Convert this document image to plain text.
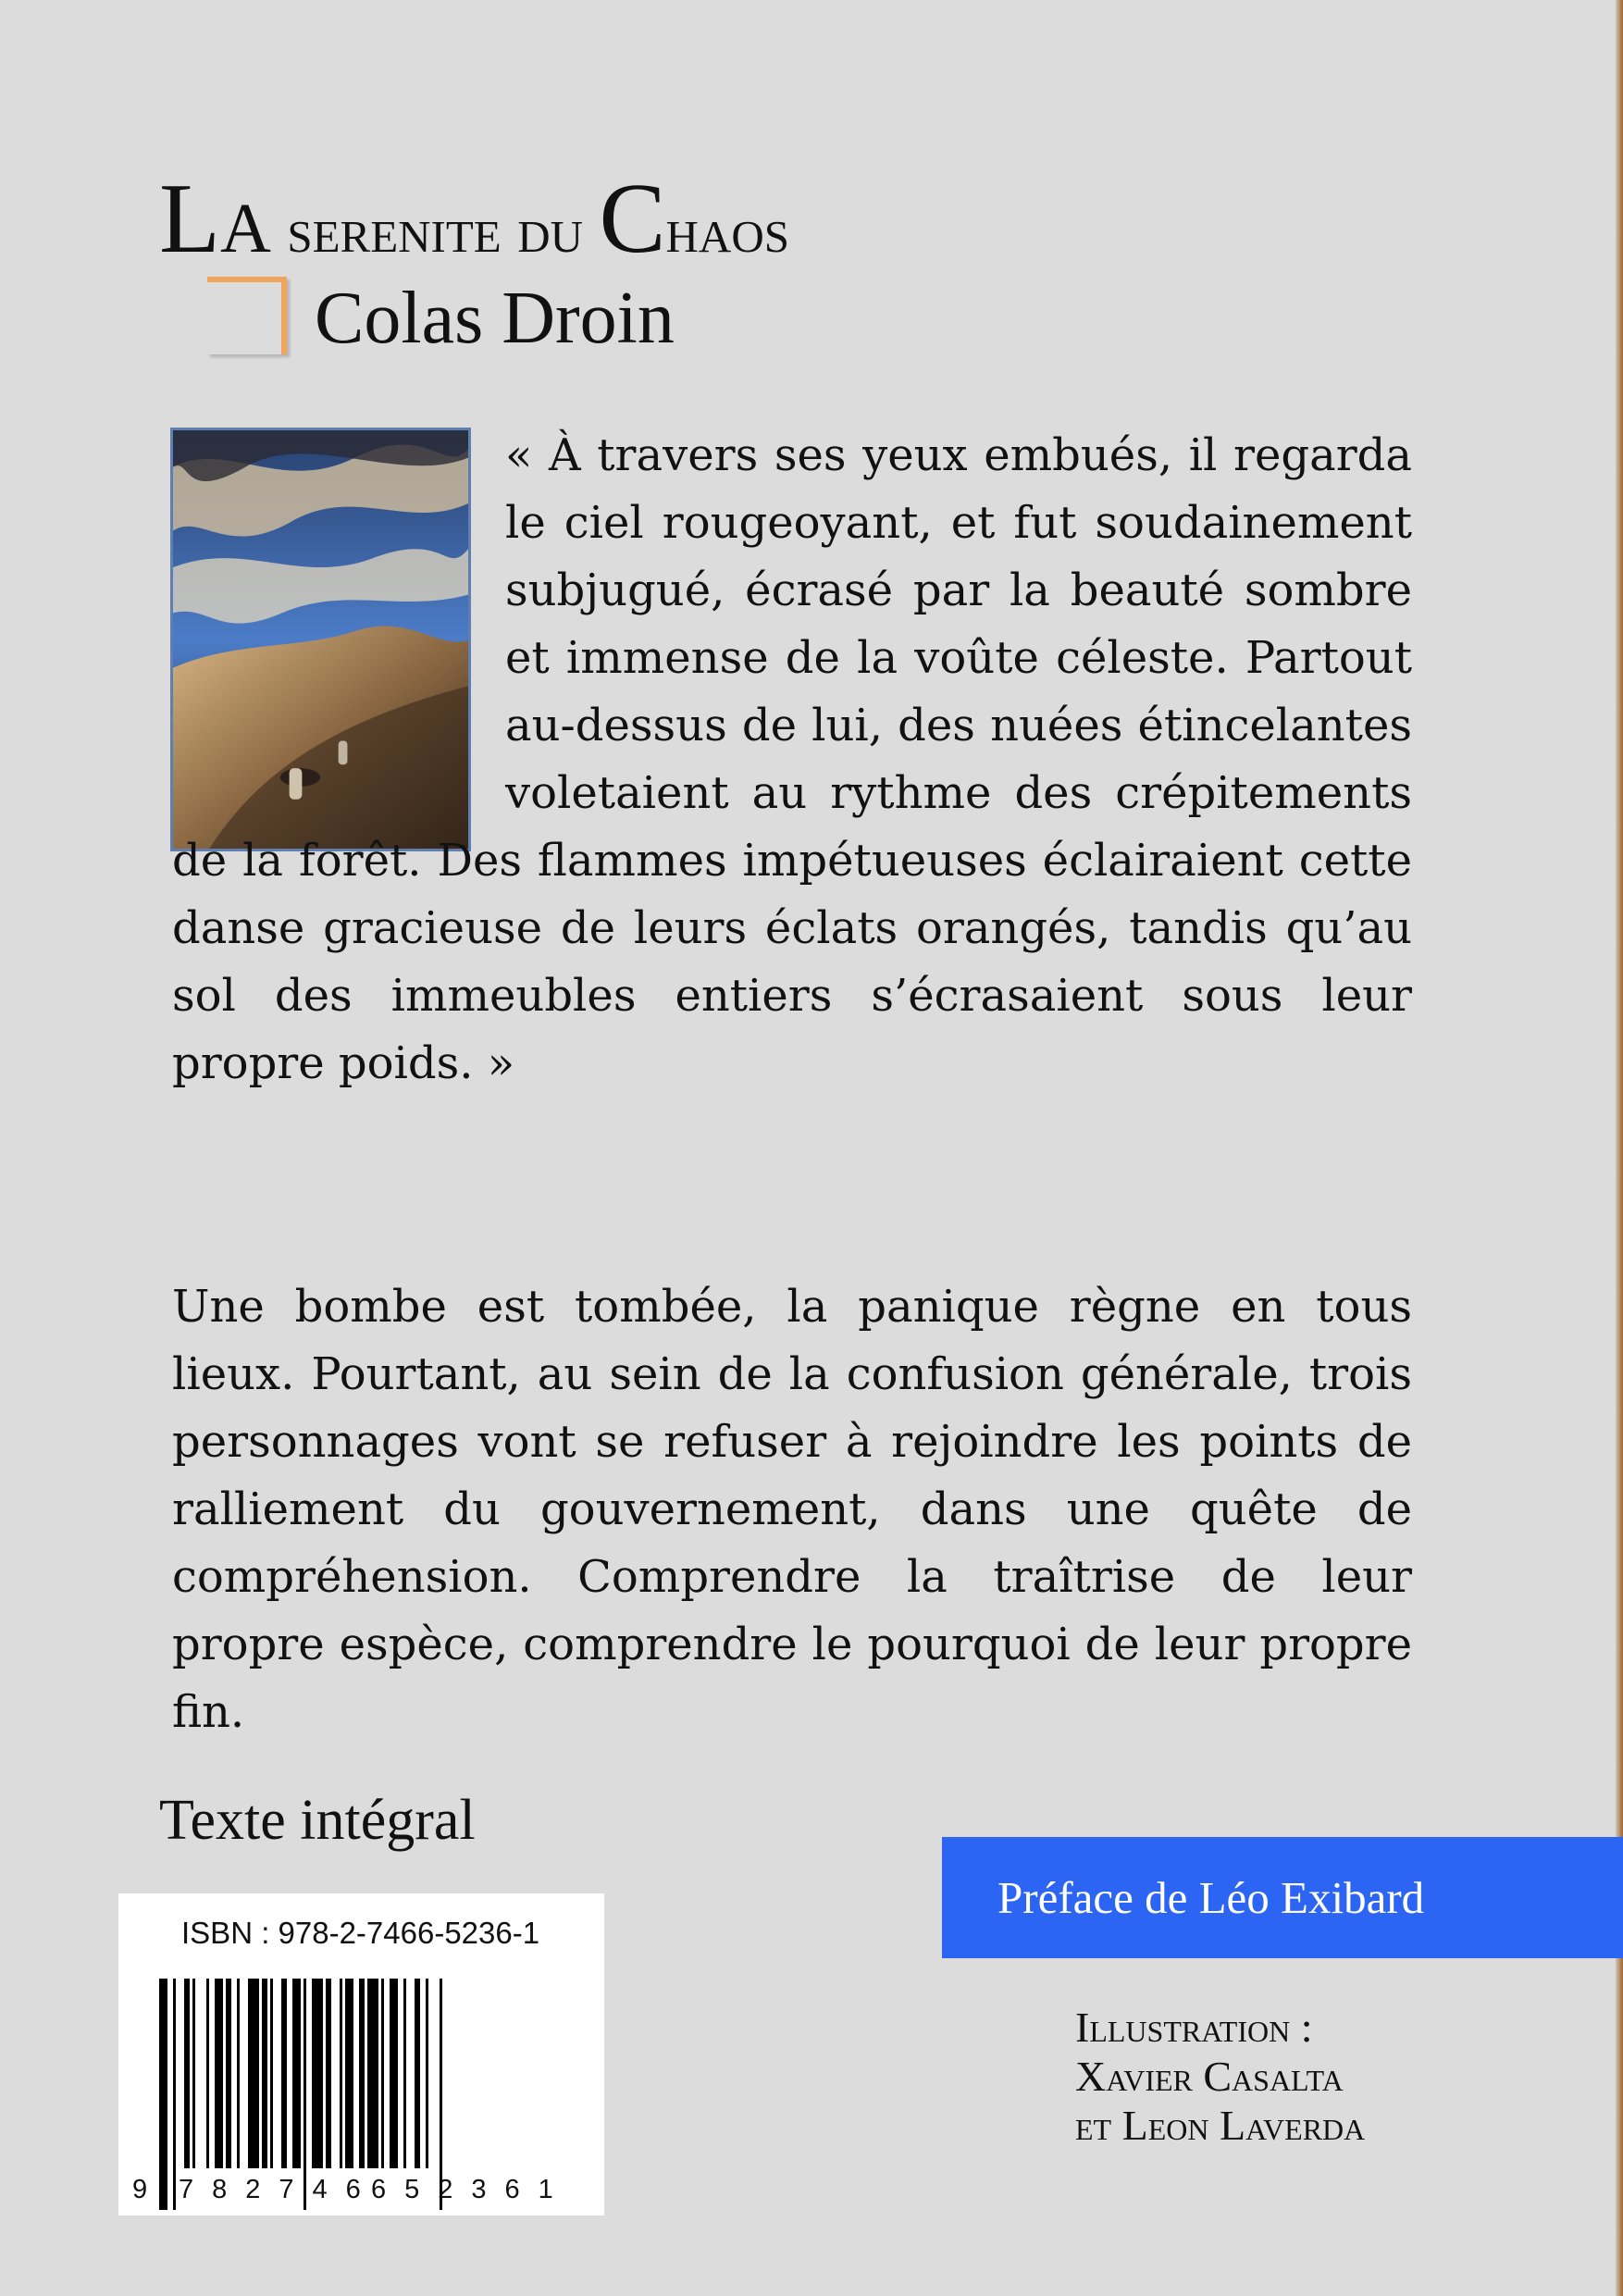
La serenite du Chaos
Colas Droin

« À travers ses yeux embués, il regarda le ciel rougeoyant, et fut soudainement subjugué, écrasé par la beauté sombre et immense de la voûte céleste. Partout au-dessus de lui, des nuées étincelantes voletaient au rythme des crépitements de la forêt. Des flammes impétueuses éclairaient cette danse gracieuse de leurs éclats orangés, tandis qu’au sol des immeubles entiers s’écrasaient sous leur propre poids. »

Une bombe est tombée, la panique règne en tous lieux. Pourtant, au sein de la confusion générale, trois personnages vont se refuser à rejoindre les points de ralliement du gouvernement, dans une quête de compréhension. Comprendre la traîtrise de leur propre espèce, comprendre le pourquoi de leur propre fin.

Texte intégral

ISBN : 978-2-7466-5236-1
9 782746
652361
Préface de Léo Exibard
Illustration :
Xavier Casalta
et Leon Laverda
